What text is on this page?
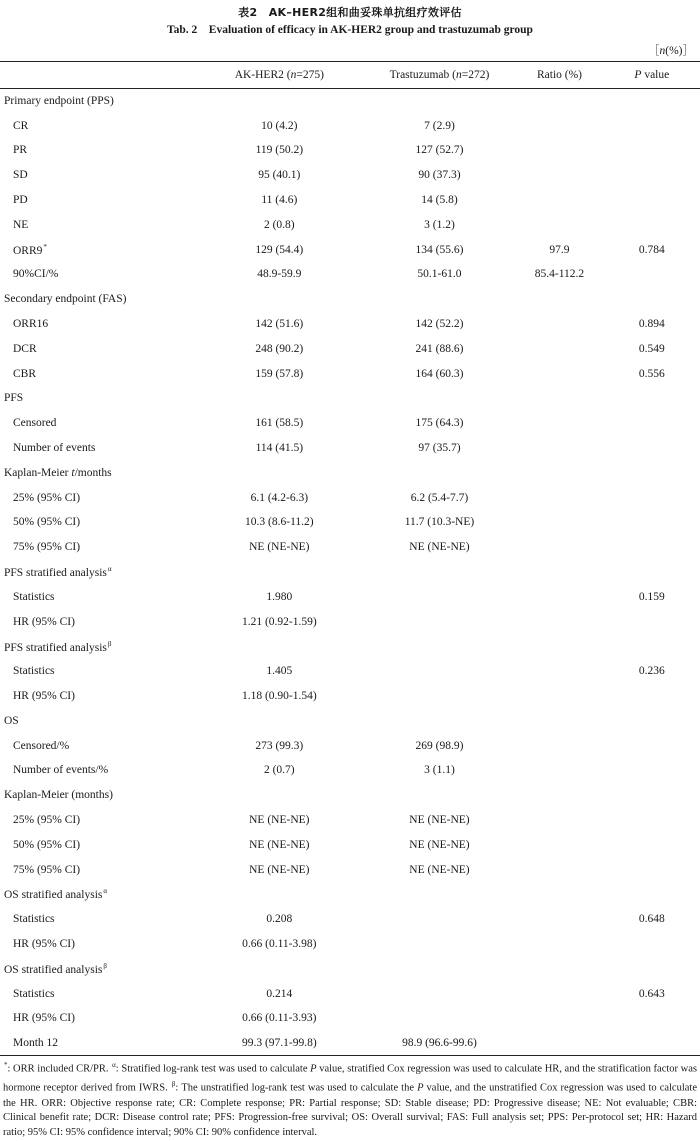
表2　AK–HER2组和曲妥珠单抗组疗效评估
Tab. 2　Evaluation of efficacy in AK-HER2 group and trastuzumab group
［n(%)］
	AK-HER2 (n=275)	Trastuzumab (n=272)	Ratio (%)	P value
Primary endpoint (PPS)				
CR	10 (4.2)	7 (2.9)		
PR	119 (50.2)	127 (52.7)		
SD	95 (40.1)	90 (37.3)		
PD	11 (4.6)	14 (5.8)		
NE	2 (0.8)	3 (1.2)		
ORR9*	129 (54.4)	134 (55.6)	97.9	0.784
90%CI/%	48.9-59.9	50.1-61.0	85.4-112.2	
Secondary endpoint (FAS)				
ORR16	142 (51.6)	142 (52.2)		0.894
DCR	248 (90.2)	241 (88.6)		0.549
CBR	159 (57.8)	164 (60.3)		0.556
PFS				
Censored	161 (58.5)	175 (64.3)		
Number of events	114 (41.5)	97 (35.7)		
Kaplan-Meier t/months				
25% (95% CI)	6.1 (4.2-6.3)	6.2 (5.4-7.7)		
50% (95% CI)	10.3 (8.6-11.2)	11.7 (10.3-NE)		
75% (95% CI)	NE (NE-NE)	NE (NE-NE)		
PFS stratified analysis$^\alpha$				
Statistics	1.980			0.159
HR (95% CI)	1.21 (0.92-1.59)			
PFS stratified analysis$^\beta$				
Statistics	1.405			0.236
HR (95% CI)	1.18 (0.90-1.54)			
OS				
Censored/%	273 (99.3)	269 (98.9)		
Number of events/%	2 (0.7)	3 (1.1)		
Kaplan-Meier (months)				
25% (95% CI)	NE (NE-NE)	NE (NE-NE)		
50% (95% CI)	NE (NE-NE)	NE (NE-NE)		
75% (95% CI)	NE (NE-NE)	NE (NE-NE)		
OS stratified analysis$^\alpha$				
Statistics	0.208			0.648
HR (95% CI)	0.66 (0.11-3.98)			
OS stratified analysis$^\beta$				
Statistics	0.214			0.643
HR (95% CI)	0.66 (0.11-3.93)			
Month 12	99.3 (97.1-99.8)	98.9 (96.6-99.6)		
*: ORR included CR/PR. $^\alpha$: Stratified log-rank test was used to calculate P value, stratified Cox regression was used to calculate HR, and the stratification factor was hormone receptor derived from IWRS. $^\beta$: The unstratified log-rank test was used to calculate the P value, and the unstratified Cox regression was used to calculate the HR. ORR: Objective response rate; CR: Complete response; PR: Partial response; SD: Stable disease; PD: Progressive disease; NE: Not evaluable; CBR: Clinical benefit rate; DCR: Disease control rate; PFS: Progression-free survival; OS: Overall survival; FAS: Full analysis set; PPS: Per-protocol set; HR: Hazard ratio; 95% CI: 95% confidence interval; 90% CI: 90% confidence interval.
